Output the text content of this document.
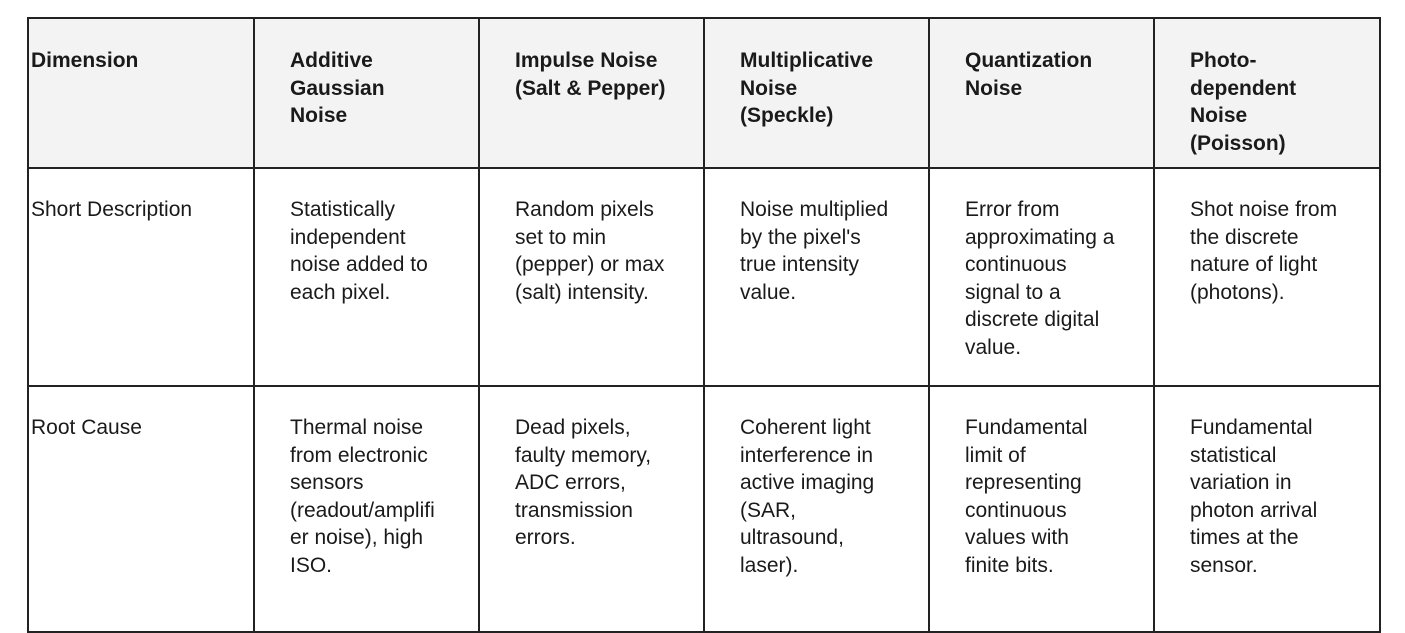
Dimension	Additive Gaussian Noise	Impulse Noise (Salt & Pepper)	Multiplicative Noise (Speckle)	Quantization Noise	Photo-dependent Noise (Poisson)
Short Description	Statistically independent noise added to each pixel.	Random pixels set to min (pepper) or max (salt) intensity.	Noise multiplied by the pixel's true intensity value.	Error from approximating a continuous signal to a discrete digital value.	Shot noise from the discrete nature of light (photons).
Root Cause	Thermal noise from electronic sensors (readout/amplifier noise), high ISO.	Dead pixels, faulty memory, ADC errors, transmission errors.	Coherent light interference in active imaging (SAR, ultrasound, laser).	Fundamental limit of representing continuous values with finite bits.	Fundamental statistical variation in photon arrival times at the sensor.
